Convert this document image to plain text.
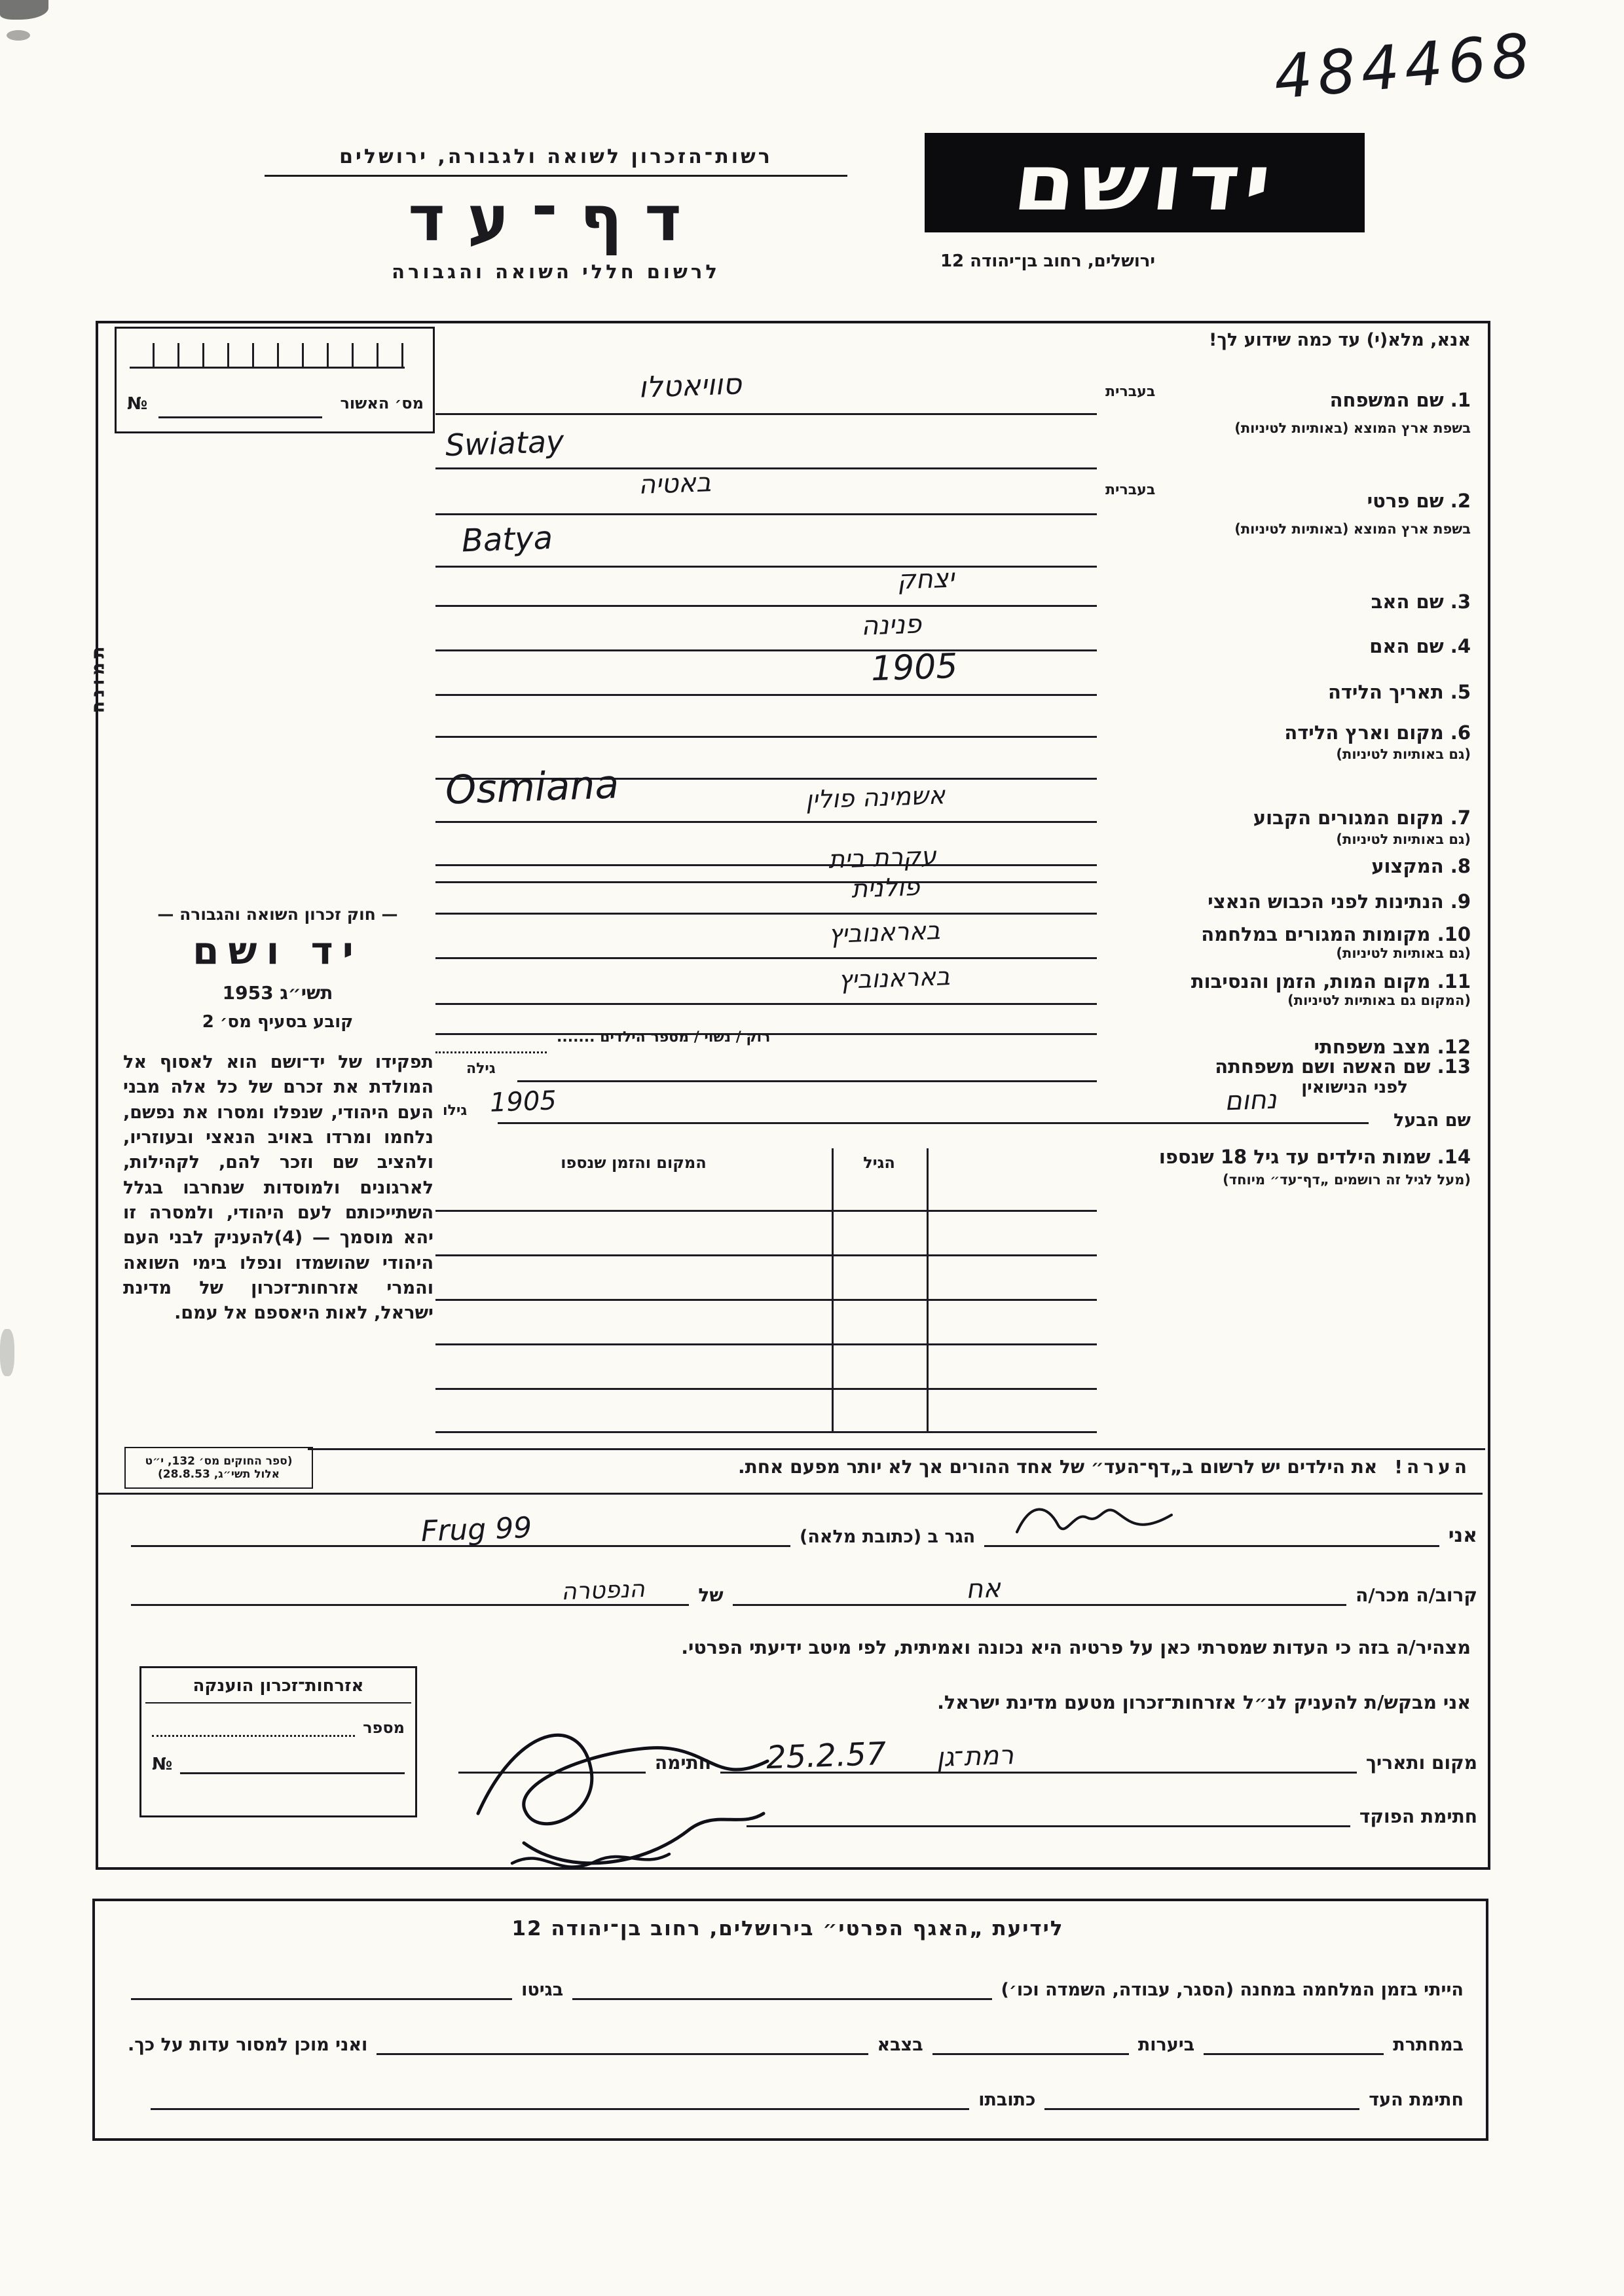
484468
רשות־הזכרון לשואה ולגבורה, ירושלים
דף־עד
לרשום חללי השואה והגבורה
ידושם
ירושלים, רחוב בן־יהודה 12
אנא, מלא(י) עד כמה שידוע לך!
מס׳ האשור
№
תמונה
— חוק זכרון השואה והגבורה —
יד ושם
תשי״ג 1953
קובע בסעיף מס׳ 2
תפקידו של יד־ושם הוא לאסוף אל המולדת את זכרם של כל אלה מבני העם היהודי, שנפלו ומסרו את נפשם, נלחמו ומרדו באויב הנאצי ובעוזריו, ולהציב שם וזכר להם, לקהילות, לארגונים ולמוסדות שנחרבו בגלל השתייכותם לעם היהודי, ולמסרה זו יהא מוסמך — (4)להעניק לבני העם היהודי שהושמדו ונפלו בימי השואה והמרי אזרחות־זכרון של מדינת ישראל, לאות היאספם אל עמם.
(ספר החוקים מס׳ 132, י״ט אלול תשי״ג, 28.8.53)
בעברית	1. שם המשפחה
בשפת ארץ המוצא (באותיות לטיניות)
סוויאטלו
Swiatay
בעברית	2. שם פרטי
בשפת ארץ המוצא (באותיות לטיניות)
באטיה
Batya
3. שם האב
יצחק
4. שם האם
פנינה
5. תאריך הלידה
1905
6. מקום וארץ הלידה
(גם באותיות לטיניות)
7. מקום המגורים הקבוע
(גם באותיות לטיניות)
Osmiana	אשמינה פולין
8. המקצוע
עקרת בית
9. הנתינות לפני הכבוש הנאצי
פולנית
10. מקומות המגורים במלחמה
(גם באותיות לטיניות)
באראנוביץ
11. מקום המות, הזמן והנסיבות
(המקום גם באותיות לטיניות)
באראנוביץ
12. מצב משפחתי
רוק / נשוי / מספר הילדים .......
13. שם האשה ושם משפחתה
לפני הנישואין
גילה
שם הבעל
גילו	נחום
1905
14. שמות הילדים עד גיל 18 שנספו
(מעל לגיל זה רושמים „דף־עד״ מיוחד)
הגיל
המקום והזמן שנספו
הערה!את הילדים יש לרשום ב„דף־העד״ של אחד ההורים אך לא יותר מפעם אחת.
אני
הגר ב (כתובת מלאה)
99 Frug
קרוב/ה מכר/ה
אח
של
הנפטרה
מצהיר/ה בזה כי העדות שמסרתי כאן על פרטיה היא נכונה ואמיתית, לפי מיטב ידיעתי הפרטי.
אני מבקש/ת להעניק לנ״ל אזרחות־זכרון מטעם מדינת ישראל.
מקום ותאריך
25.2.57 רמת־גן
חתימה
חתימת הפוקד
אזרחות־זכרון הוענקה
מספר
№
לידיעת „האגף הפרטי״ בירושלים, רחוב בן־יהודה 12
הייתי בזמן המלחמה במחנה (הסגר, עבודה, השמדה וכו׳)
בגיטו
במחתרת
ביערות
בצבא
ואני מוכן למסור עדות על כך.
חתימת העד
כתובתו
